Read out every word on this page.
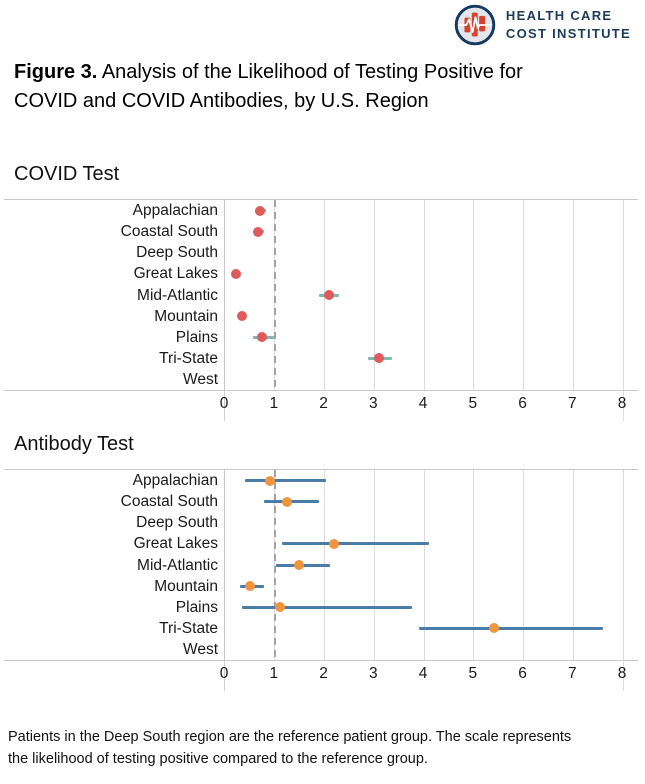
HEALTH CARE
COST INSTITUTE
Figure 3. Analysis of the Likelihood of Testing Positive for COVID and COVID Antibodies, by U.S. Region
COVID Test
Appalachian
Coastal South
Deep South
Great Lakes
Mid-Atlantic
Mountain
Plains
Tri-State
West
0	1	2	3	4	5	6	7	8
Antibody Test
Appalachian
Coastal South
Deep South
Great Lakes
Mid-Atlantic
Mountain
Plains
Tri-State
West
0	1	2	3	4	5	6	7	8
Patients in the Deep South region are the reference patient group. The scale represents the likelihood of testing positive compared to the reference group.
